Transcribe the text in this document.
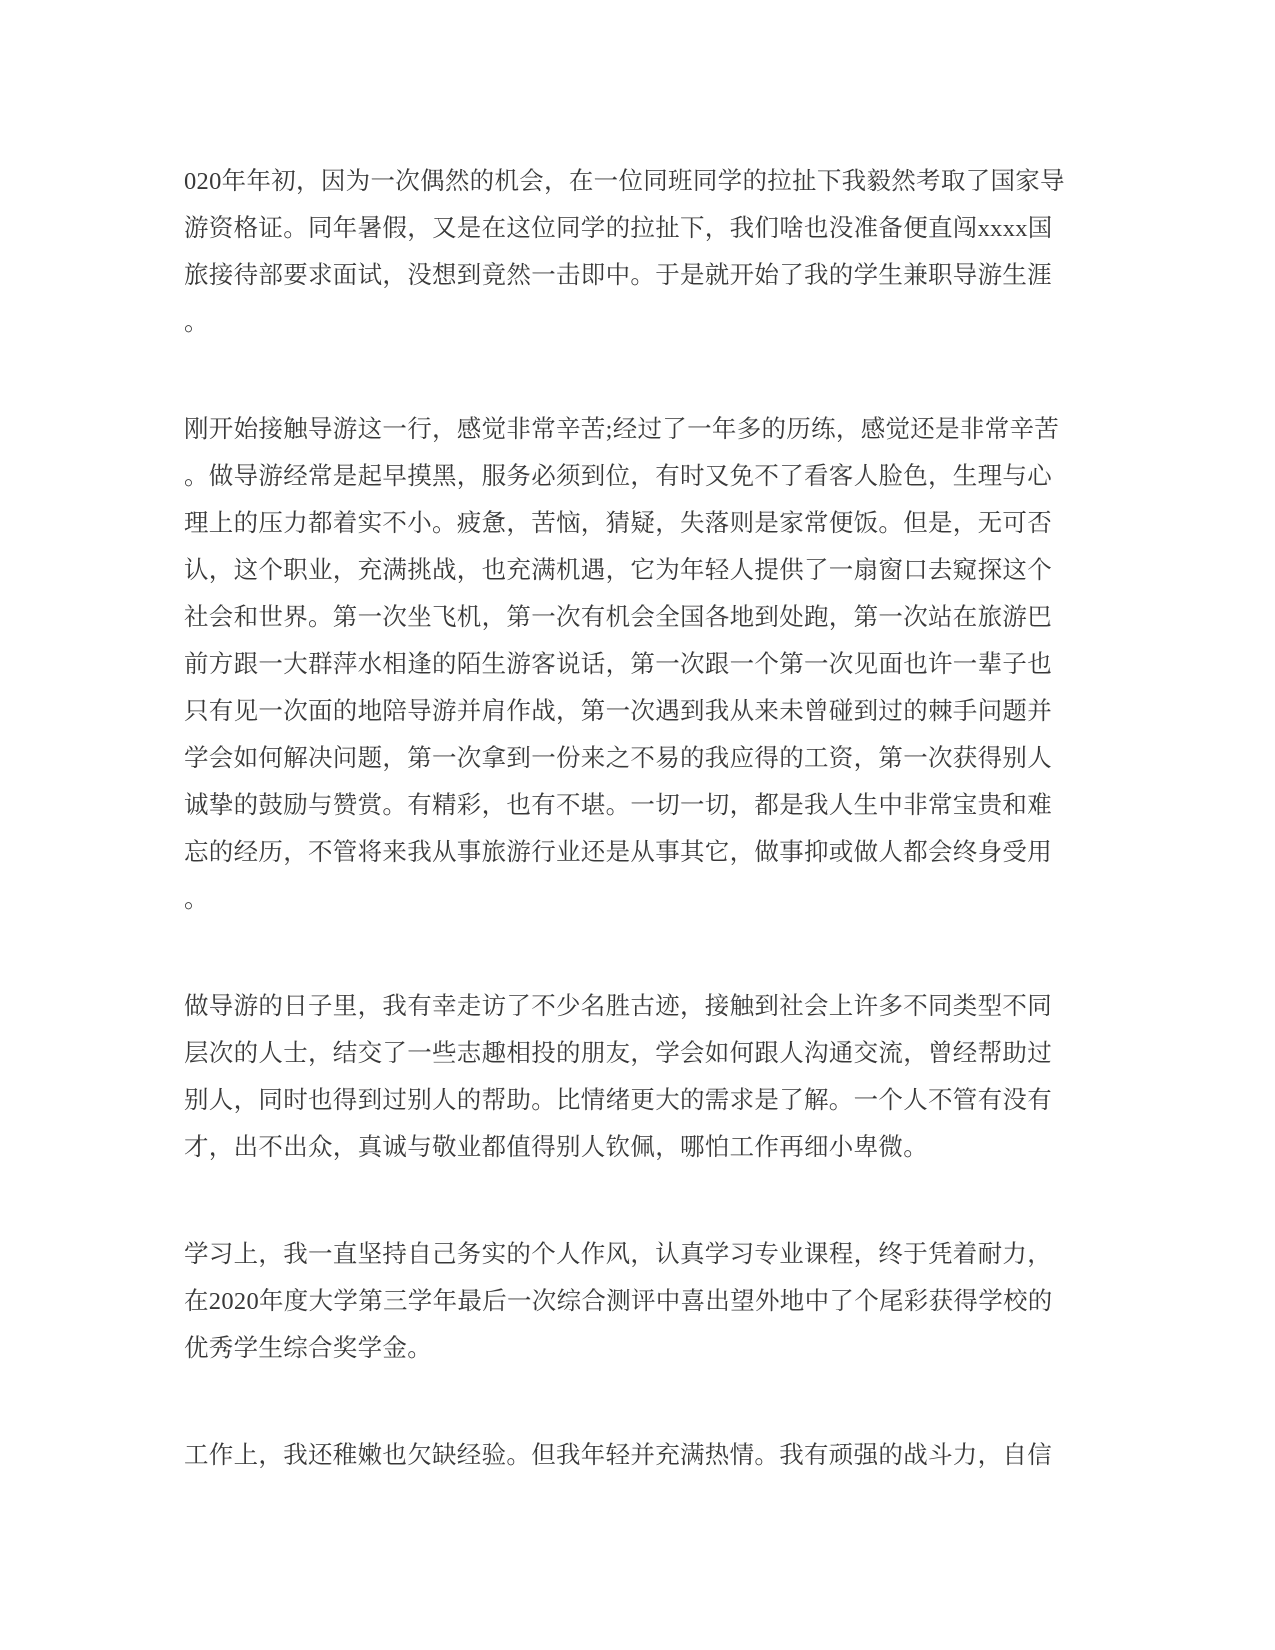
020年年初，因为一次偶然的机会，在一位同班同学的拉扯下我毅然考取了国家导
游资格证。同年暑假，又是在这位同学的拉扯下，我们啥也没准备便直闯xxxx国
旅接待部要求面试，没想到竟然一击即中。于是就开始了我的学生兼职导游生涯
。

刚开始接触导游这一行，感觉非常辛苦;经过了一年多的历练，感觉还是非常辛苦
。做导游经常是起早摸黑，服务必须到位，有时又免不了看客人脸色，生理与心
理上的压力都着实不小。疲惫，苦恼，猜疑，失落则是家常便饭。但是，无可否
认，这个职业，充满挑战，也充满机遇，它为年轻人提供了一扇窗口去窥探这个
社会和世界。第一次坐飞机，第一次有机会全国各地到处跑，第一次站在旅游巴
前方跟一大群萍水相逢的陌生游客说话，第一次跟一个第一次见面也许一辈子也
只有见一次面的地陪导游并肩作战，第一次遇到我从来未曾碰到过的棘手问题并
学会如何解决问题，第一次拿到一份来之不易的我应得的工资，第一次获得别人
诚挚的鼓励与赞赏。有精彩，也有不堪。一切一切，都是我人生中非常宝贵和难
忘的经历，不管将来我从事旅游行业还是从事其它，做事抑或做人都会终身受用
。

做导游的日子里，我有幸走访了不少名胜古迹，接触到社会上许多不同类型不同
层次的人士，结交了一些志趣相投的朋友，学会如何跟人沟通交流，曾经帮助过
别人，同时也得到过别人的帮助。比情绪更大的需求是了解。一个人不管有没有
才，出不出众，真诚与敬业都值得别人钦佩，哪怕工作再细小卑微。

学习上，我一直坚持自己务实的个人作风，认真学习专业课程，终于凭着耐力，
在2020年度大学第三学年最后一次综合测评中喜出望外地中了个尾彩获得学校的
优秀学生综合奖学金。

工作上，我还稚嫩也欠缺经验。但我年轻并充满热情。我有顽强的战斗力，自信
